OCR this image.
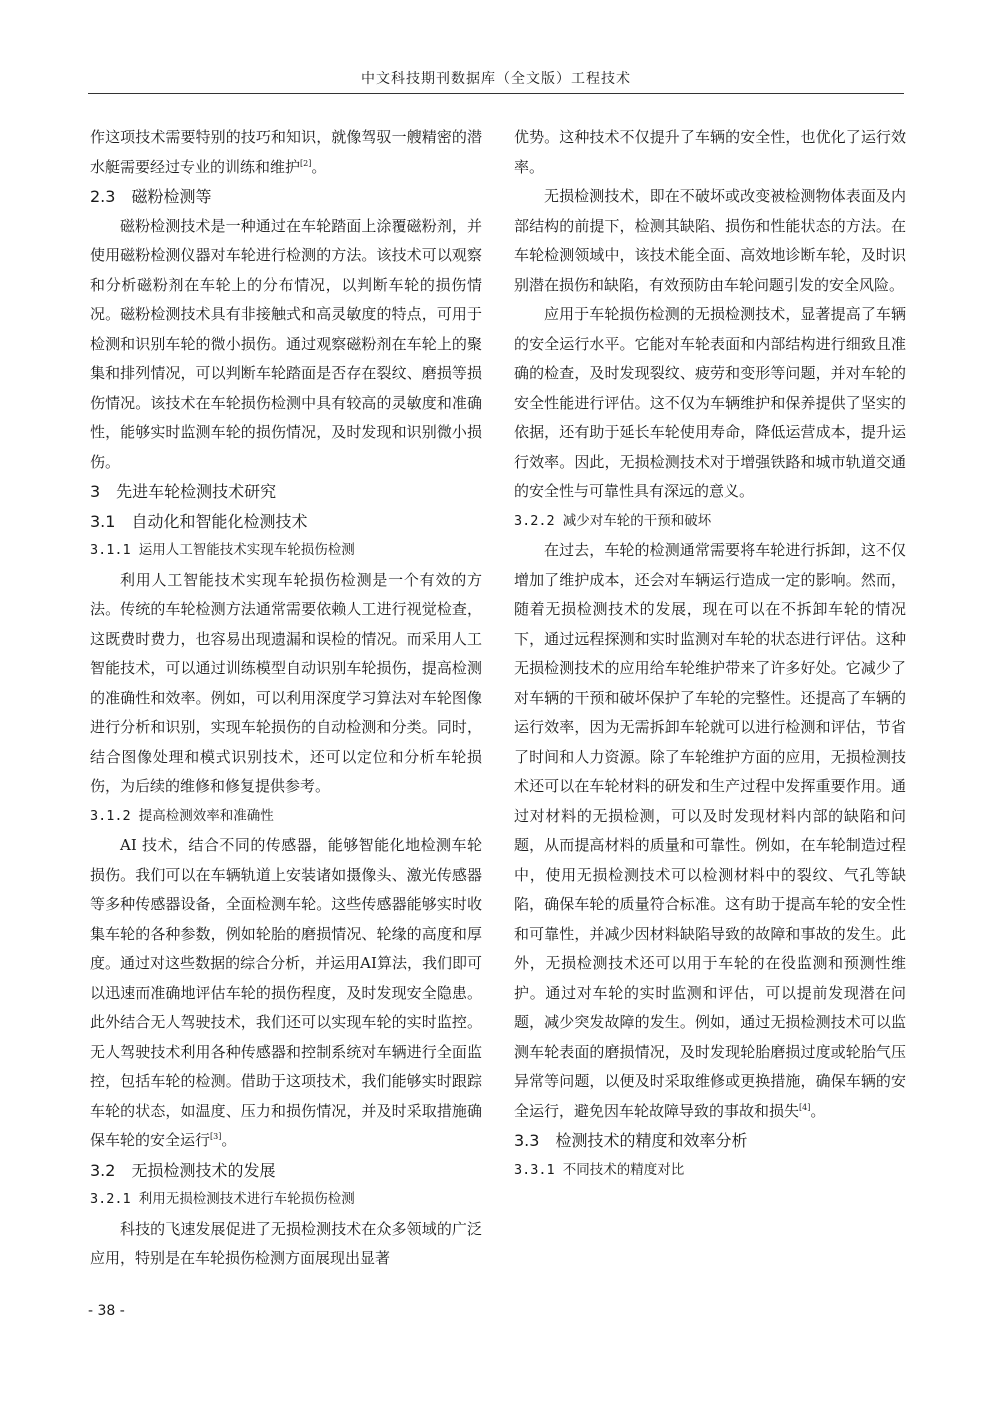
中文科技期刊数据库（全文版）工程技术

作这项技术需要特别的技巧和知识，就像驾驭一艘精密的潜水艇需要经过专业的训练和维护[2]。

2.3　磁粉检测等

磁粉检测技术是一种通过在车轮踏面上涂覆磁粉剂，并使用磁粉检测仪器对车轮进行检测的方法。该技术可以观察和分析磁粉剂在车轮上的分布情况，以判断车轮的损伤情况。磁粉检测技术具有非接触式和高灵敏度的特点，可用于检测和识别车轮的微小损伤。通过观察磁粉剂在车轮上的聚集和排列情况，可以判断车轮踏面是否存在裂纹、磨损等损伤情况。该技术在车轮损伤检测中具有较高的灵敏度和准确性，能够实时监测车轮的损伤情况，及时发现和识别微小损伤。

3　先进车轮检测技术研究
3.1　自动化和智能化检测技术
3.1.1 运用人工智能技术实现车轮损伤检测

利用人工智能技术实现车轮损伤检测是一个有效的方法。传统的车轮检测方法通常需要依赖人工进行视觉检查，这既费时费力，也容易出现遗漏和误检的情况。而采用人工智能技术，可以通过训练模型自动识别车轮损伤，提高检测的准确性和效率。例如，可以利用深度学习算法对车轮图像进行分析和识别，实现车轮损伤的自动检测和分类。同时，结合图像处理和模式识别技术，还可以定位和分析车轮损伤，为后续的维修和修复提供参考。

3.1.2 提高检测效率和准确性

AI 技术，结合不同的传感器，能够智能化地检测车轮损伤。我们可以在车辆轨道上安装诸如摄像头、激光传感器等多种传感器设备，全面检测车轮。这些传感器能够实时收集车轮的各种参数，例如轮胎的磨损情况、轮缘的高度和厚度。通过对这些数据的综合分析，并运用AI算法，我们即可以迅速而准确地评估车轮的损伤程度，及时发现安全隐患。此外结合无人驾驶技术，我们还可以实现车轮的实时监控。无人驾驶技术利用各种传感器和控制系统对车辆进行全面监控，包括车轮的检测。借助于这项技术，我们能够实时跟踪车轮的状态，如温度、压力和损伤情况，并及时采取措施确保车轮的安全运行[3]。

3.2　无损检测技术的发展
3.2.1 利用无损检测技术进行车轮损伤检测

科技的飞速发展促进了无损检测技术在众多领域的广泛应用，特别是在车轮损伤检测方面展现出显著

优势。这种技术不仅提升了车辆的安全性，也优化了运行效率。

无损检测技术，即在不破坏或改变被检测物体表面及内部结构的前提下，检测其缺陷、损伤和性能状态的方法。在车轮检测领域中，该技术能全面、高效地诊断车轮，及时识别潜在损伤和缺陷，有效预防由车轮问题引发的安全风险。

应用于车轮损伤检测的无损检测技术，显著提高了车辆的安全运行水平。它能对车轮表面和内部结构进行细致且准确的检查，及时发现裂纹、疲劳和变形等问题，并对车轮的安全性能进行评估。这不仅为车辆维护和保养提供了坚实的依据，还有助于延长车轮使用寿命，降低运营成本，提升运行效率。因此，无损检测技术对于增强铁路和城市轨道交通的安全性与可靠性具有深远的意义。

3.2.2 减少对车轮的干预和破坏

在过去，车轮的检测通常需要将车轮进行拆卸，这不仅增加了维护成本，还会对车辆运行造成一定的影响。然而，随着无损检测技术的发展，现在可以在不拆卸车轮的情况下，通过远程探测和实时监测对车轮的状态进行评估。这种无损检测技术的应用给车轮维护带来了许多好处。它减少了对车辆的干预和破坏保护了车轮的完整性。还提高了车辆的运行效率，因为无需拆卸车轮就可以进行检测和评估，节省了时间和人力资源。除了车轮维护方面的应用，无损检测技术还可以在车轮材料的研发和生产过程中发挥重要作用。通过对材料的无损检测，可以及时发现材料内部的缺陷和问题，从而提高材料的质量和可靠性。例如，在车轮制造过程中，使用无损检测技术可以检测材料中的裂纹、气孔等缺陷，确保车轮的质量符合标准。这有助于提高车轮的安全性和可靠性，并减少因材料缺陷导致的故障和事故的发生。此外，无损检测技术还可以用于车轮的在役监测和预测性维护。通过对车轮的实时监测和评估，可以提前发现潜在问题，减少突发故障的发生。例如，通过无损检测技术可以监测车轮表面的磨损情况，及时发现轮胎磨损过度或轮胎气压异常等问题，以便及时采取维修或更换措施，确保车辆的安全运行，避免因车轮故障导致的事故和损失[4]。

3.3　检测技术的精度和效率分析
3.3.1 不同技术的精度对比
- 38 -
